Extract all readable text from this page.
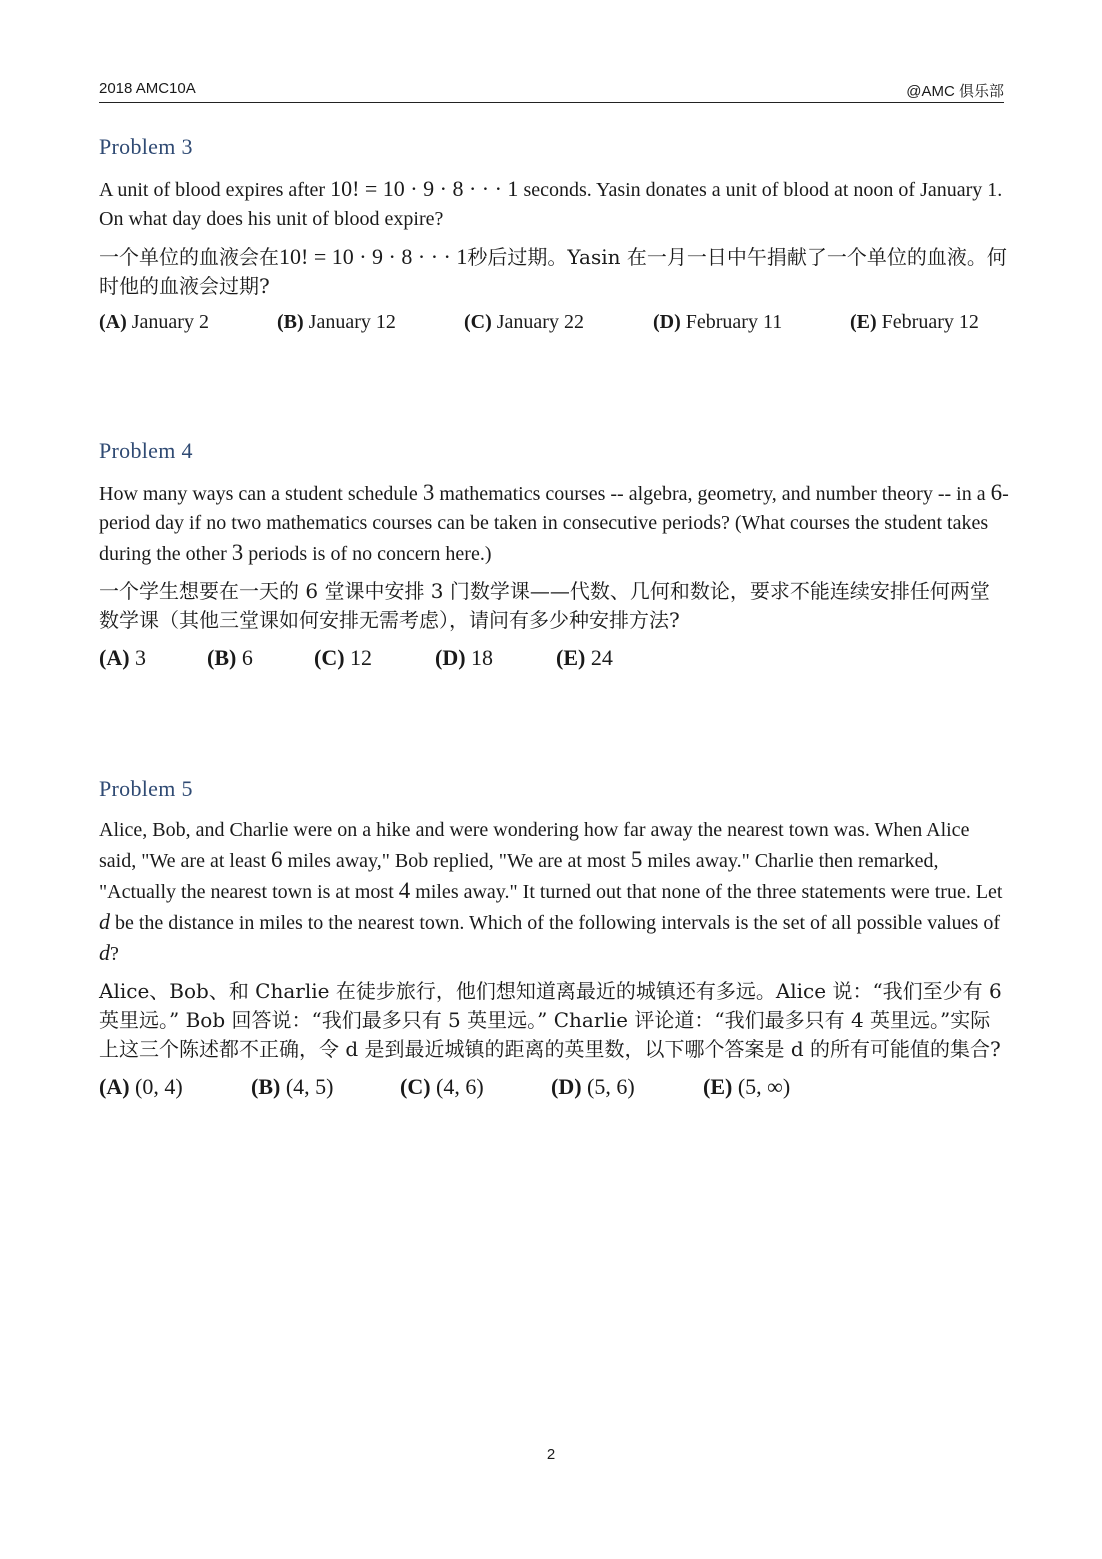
2018 AMC10A	@AMC 俱乐部
Problem 3

A unit of blood expires after 10! = 10 · 9 · 8 · · · 1 seconds. Yasin donates a unit of blood at noon of January 1. On what day does his unit of blood expire?

一个单位的血液会在10! = 10 · 9 · 8 · · · 1秒后过期。Yasin 在一月一日中午捐献了一个单位的血液。何时他的血液会过期?

(A) January 2	(B) January 12	(C) January 22	(D) February 11	(E) February 12
Problem 4

How many ways can a student schedule 3 mathematics courses -- algebra, geometry, and number theory -- in a 6-period day if no two mathematics courses can be taken in consecutive periods? (What courses the student takes during the other 3 periods is of no concern here.)

一个学生想要在一天的 6 堂课中安排 3 门数学课——代数、几何和数论，要求不能连续安排任何两堂数学课（其他三堂课如何安排无需考虑），请问有多少种安排方法?

(A) 3	(B) 6	(C) 12	(D) 18	(E) 24
Problem 5

Alice, Bob, and Charlie were on a hike and were wondering how far away the nearest town was. When Alice said, "We are at least 6 miles away," Bob replied, "We are at most 5 miles away." Charlie then remarked, "Actually the nearest town is at most 4 miles away." It turned out that none of the three statements were true. Let d be the distance in miles to the nearest town. Which of the following intervals is the set of all possible values of d?

Alice、Bob、和 Charlie 在徒步旅行，他们想知道离最近的城镇还有多远。Alice 说：“我们至少有 6 英里远。” Bob 回答说：“我们最多只有 5 英里远。” Charlie 评论道：“我们最多只有 4 英里远。”实际上这三个陈述都不正确，令 d 是到最近城镇的距离的英里数，以下哪个答案是 d 的所有可能值的集合?

(A) (0, 4)	(B) (4, 5)	(C) (4, 6)	(D) (5, 6)	(E) (5, ∞)
2
